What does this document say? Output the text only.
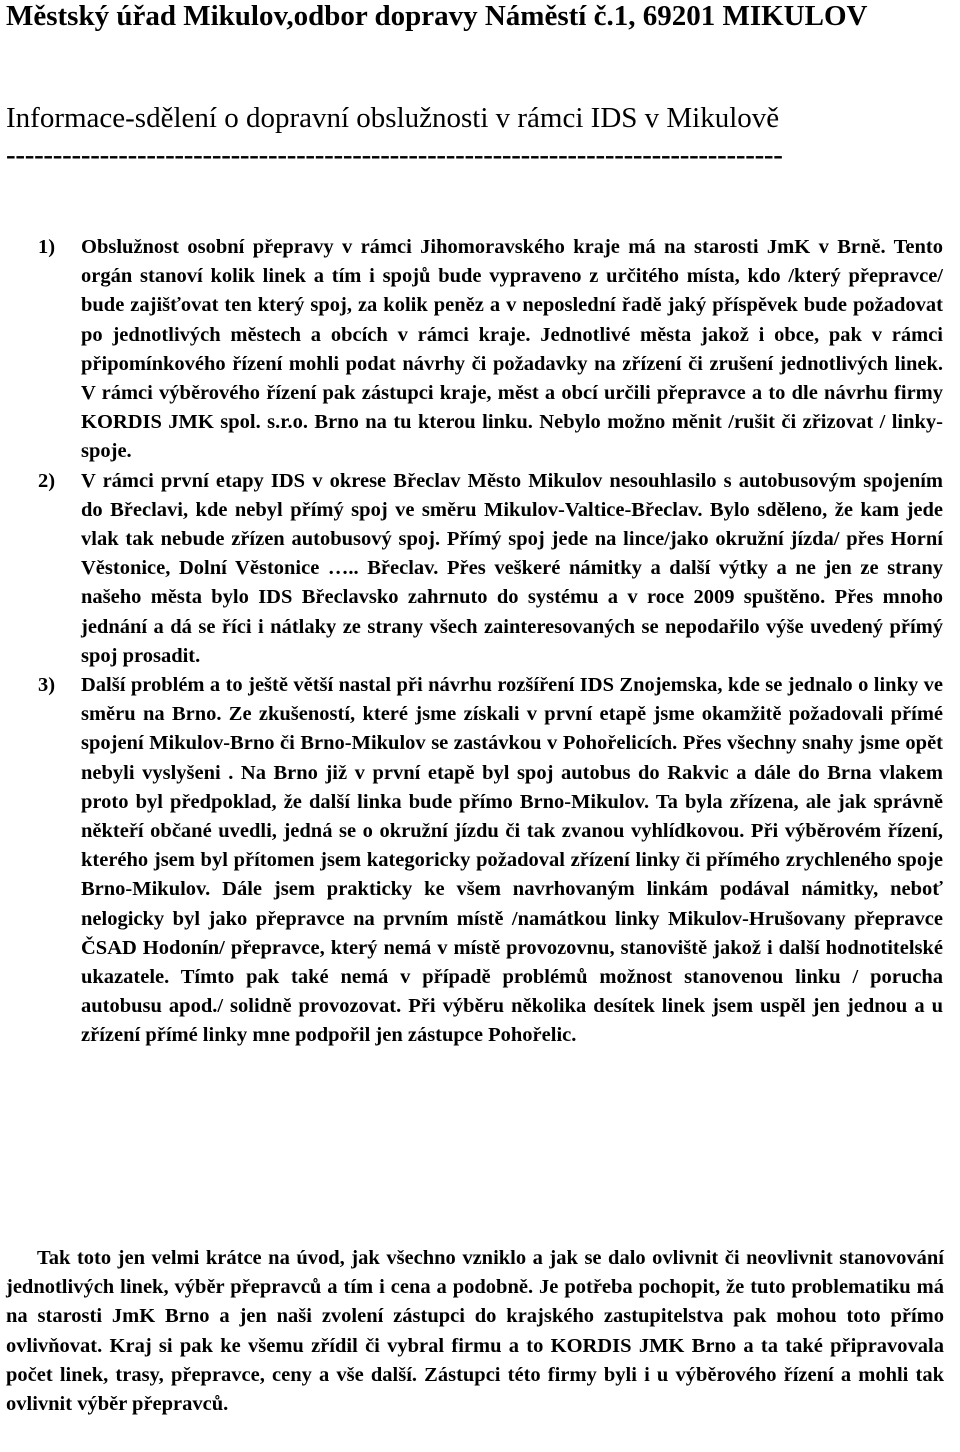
Městský úřad Mikulov,odbor dopravy Náměstí č.1, 69201 MIKULOV
Informace-sdělení o dopravní obslužnosti v rámci IDS v Mikulově
-----------------------------------------------------------------------------------
1) Obslužnost osobní přepravy v rámci Jihomoravského kraje má na starosti JmK v Brně. Tento orgán stanoví kolik linek a tím i spojů bude vypraveno z určitého místa, kdo /který přepravce/ bude zajišťovat ten který spoj, za kolik peněz a v neposlední řadě jaký příspěvek bude požadovat po jednotlivých městech a obcích v rámci kraje. Jednotlivé města jakož i obce, pak v rámci připomínkového řízení mohli podat návrhy či požadavky na zřízení či zrušení jednotlivých linek. V rámci výběrového řízení pak zástupci kraje, měst a obcí určili přepravce a to dle návrhu firmy KORDIS JMK spol. s.r.o. Brno na tu kterou linku. Nebylo možno měnit /rušit či zřizovat / linky-spoje.
2) V rámci první etapy IDS v okrese Břeclav Město Mikulov nesouhlasilo s autobusovým spojením do Břeclavi, kde nebyl přímý spoj ve směru Mikulov-Valtice-Břeclav. Bylo sděleno, že kam jede vlak tak nebude zřízen autobusový spoj. Přímý spoj jede na lince/jako okružní jízda/ přes Horní Věstonice, Dolní Věstonice ….. Břeclav. Přes veškeré námitky a další výtky a ne jen ze strany našeho města bylo IDS Břeclavsko zahrnuto do systému a v roce 2009 spuštěno. Přes mnoho jednání a dá se říci i nátlaky ze strany všech zainteresovaných se nepodařilo výše uvedený přímý spoj prosadit.
3) Další problém a to ještě větší nastal při návrhu rozšíření IDS Znojemska, kde se jednalo o linky ve směru na Brno. Ze zkušeností, které jsme získali v první etapě jsme okamžitě požadovali přímé spojení Mikulov-Brno či Brno-Mikulov se zastávkou v Pohořelicích. Přes všechny snahy jsme opět nebyli vyslyšeni . Na Brno již v první etapě byl spoj autobus do Rakvic a dále do Brna vlakem proto byl předpoklad, že další linka bude přímo Brno-Mikulov. Ta byla zřízena, ale jak správně někteří občané uvedli, jedná se o okružní jízdu či tak zvanou vyhlídkovou. Při výběrovém řízení, kterého jsem byl přítomen jsem kategoricky požadoval zřízení linky či přímého zrychleného spoje Brno-Mikulov. Dále jsem prakticky ke všem navrhovaným linkám podával námitky, neboť nelogicky byl jako přepravce na prvním místě /namátkou linky Mikulov-Hrušovany přepravce ČSAD Hodonín/ přepravce, který nemá v místě provozovnu, stanoviště jakož i další hodnotitelské ukazatele. Tímto pak také nemá v případě problémů možnost stanovenou linku / porucha autobusu apod./ solidně provozovat. Při výběru několika desítek linek jsem uspěl jen jednou a u zřízení přímé linky mne podpořil jen zástupce Pohořelic.

Tak toto jen velmi krátce na úvod, jak všechno vzniklo a jak se dalo ovlivnit či neovlivnit stanovování jednotlivých linek, výběr přepravců a tím i cena a podobně. Je potřeba pochopit, že tuto problematiku má na starosti JmK Brno a jen naši zvolení zástupci do krajského zastupitelstva pak mohou toto přímo ovlivňovat. Kraj si pak ke všemu zřídil či vybral firmu a to KORDIS JMK Brno a ta také připravovala počet linek, trasy, přepravce, ceny a vše další. Zástupci této firmy byli i u výběrového řízení a mohli tak ovlivnit výběr přepravců.
